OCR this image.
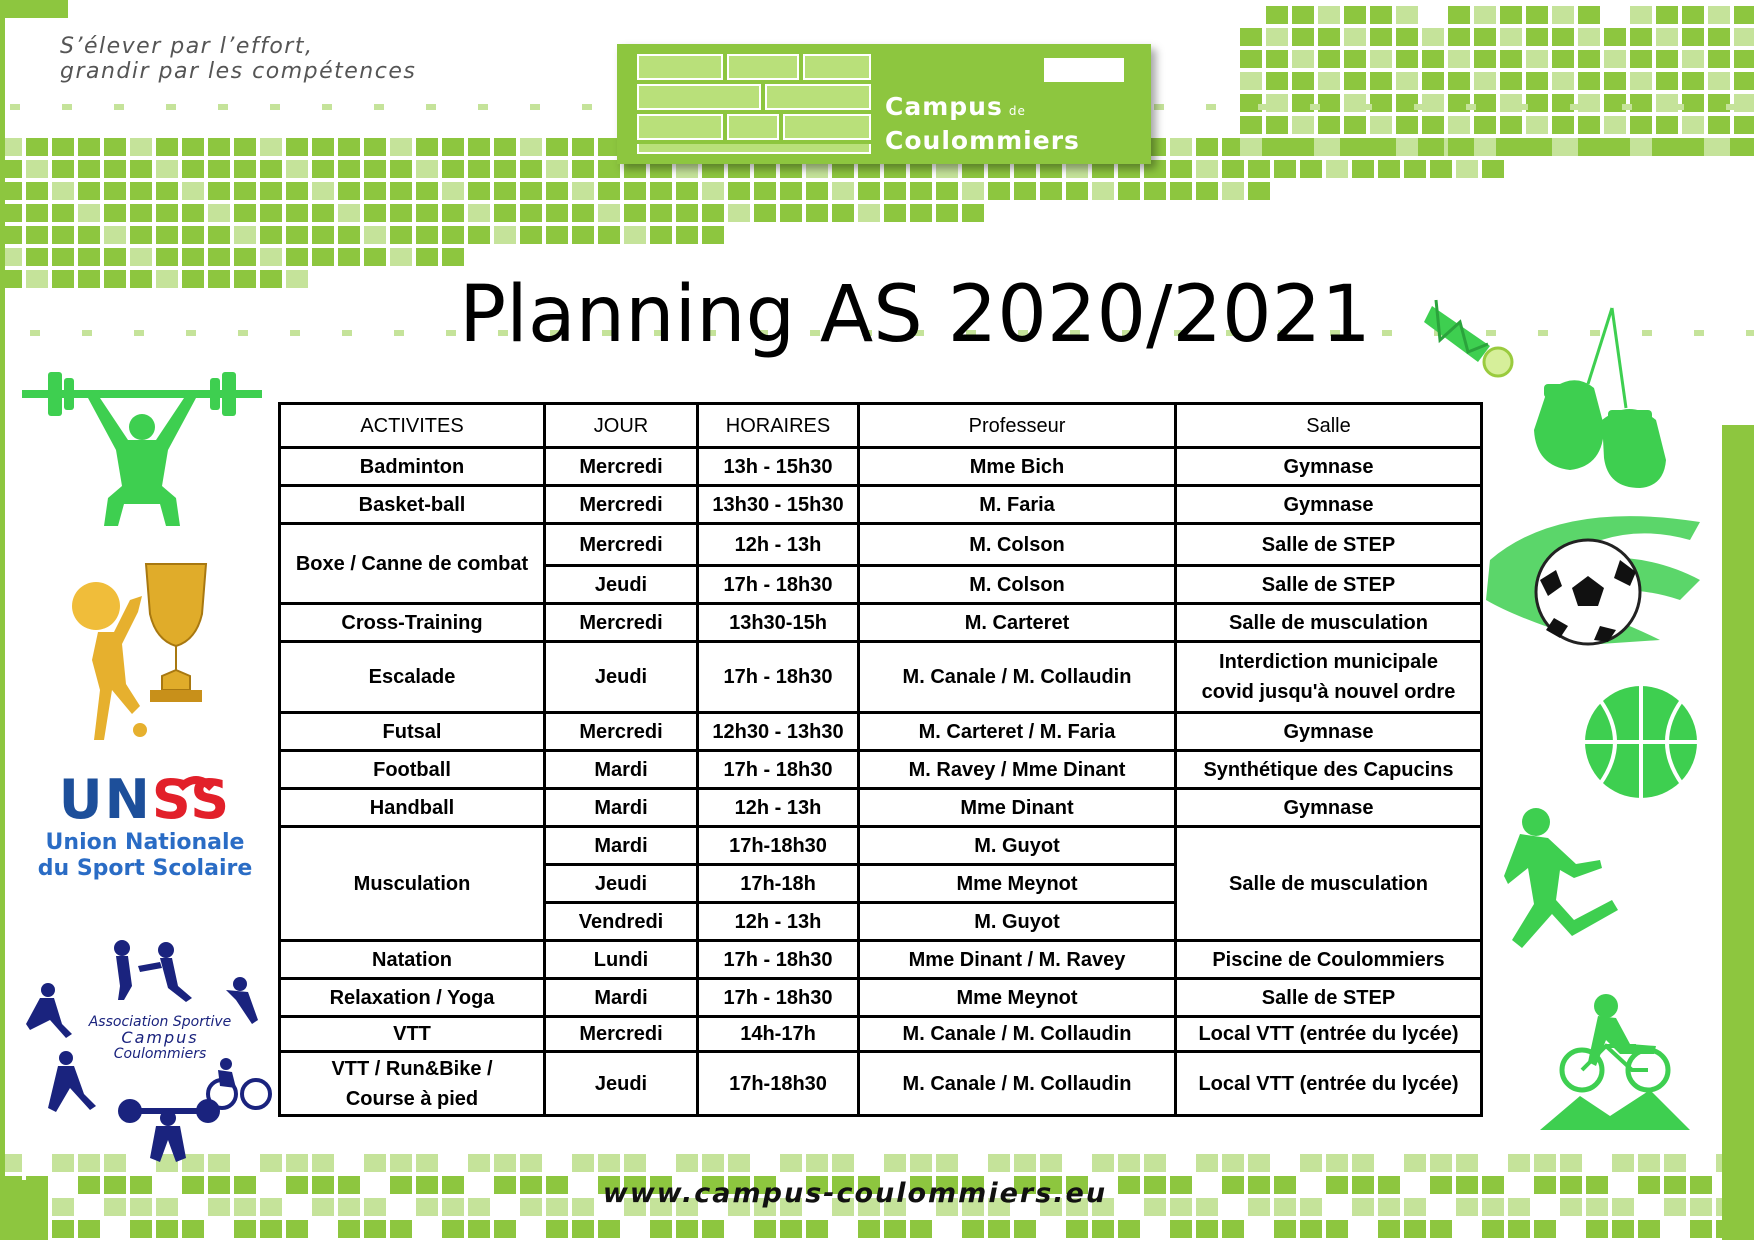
S’élever par l’effort,
grandir par les compétences
Campus de
Coulommiers
Planning AS 2020/2021
ACTIVITES	JOUR	HORAIRES	Professeur	Salle
Badminton	Mercredi	13h - 15h30	Mme Bich	Gymnase
Basket-ball	Mercredi	13h30 - 15h30	M. Faria	Gymnase
Boxe / Canne de combat	Mercredi	12h - 13h	M. Colson	Salle de STEP
	Jeudi	17h - 18h30	M. Colson	Salle de STEP
Cross-Training	Mercredi	13h30-15h	M. Carteret	Salle de musculation
Escalade	Jeudi	17h - 18h30	M. Canale / M. Collaudin	Interdiction municipale
covid jusqu'à nouvel ordre

Futsal	Mercredi	12h30 - 13h30	M. Carteret / M. Faria	Gymnase
Football	Mardi	17h - 18h30	M. Ravey / Mme Dinant	Synthétique des Capucins
Handball	Mardi	12h - 13h	Mme Dinant	Gymnase
Musculation	Mardi	17h-18h30	M. Guyot	Salle de musculation
	Jeudi	17h-18h	Mme Meynot	
	Vendredi	12h - 13h	M. Guyot	
Natation	Lundi	17h - 18h30	Mme Dinant / M. Ravey	Piscine de Coulommiers
Relaxation / Yoga	Mardi	17h - 18h30	Mme Meynot	Salle de STEP
VTT	Mercredi	14h-17h	M. Canale / M. Collaudin	Local VTT (entrée du lycée)

VTT / Run&Bike /
Course à pied	Jeudi	17h-18h30	M. Canale / M. Collaudin	Local VTT (entrée du lycée)
UNSS
Union Nationale
du Sport Scolaire
Association Sportive
Campus
Coulommiers
www.campus-coulommiers.eu
